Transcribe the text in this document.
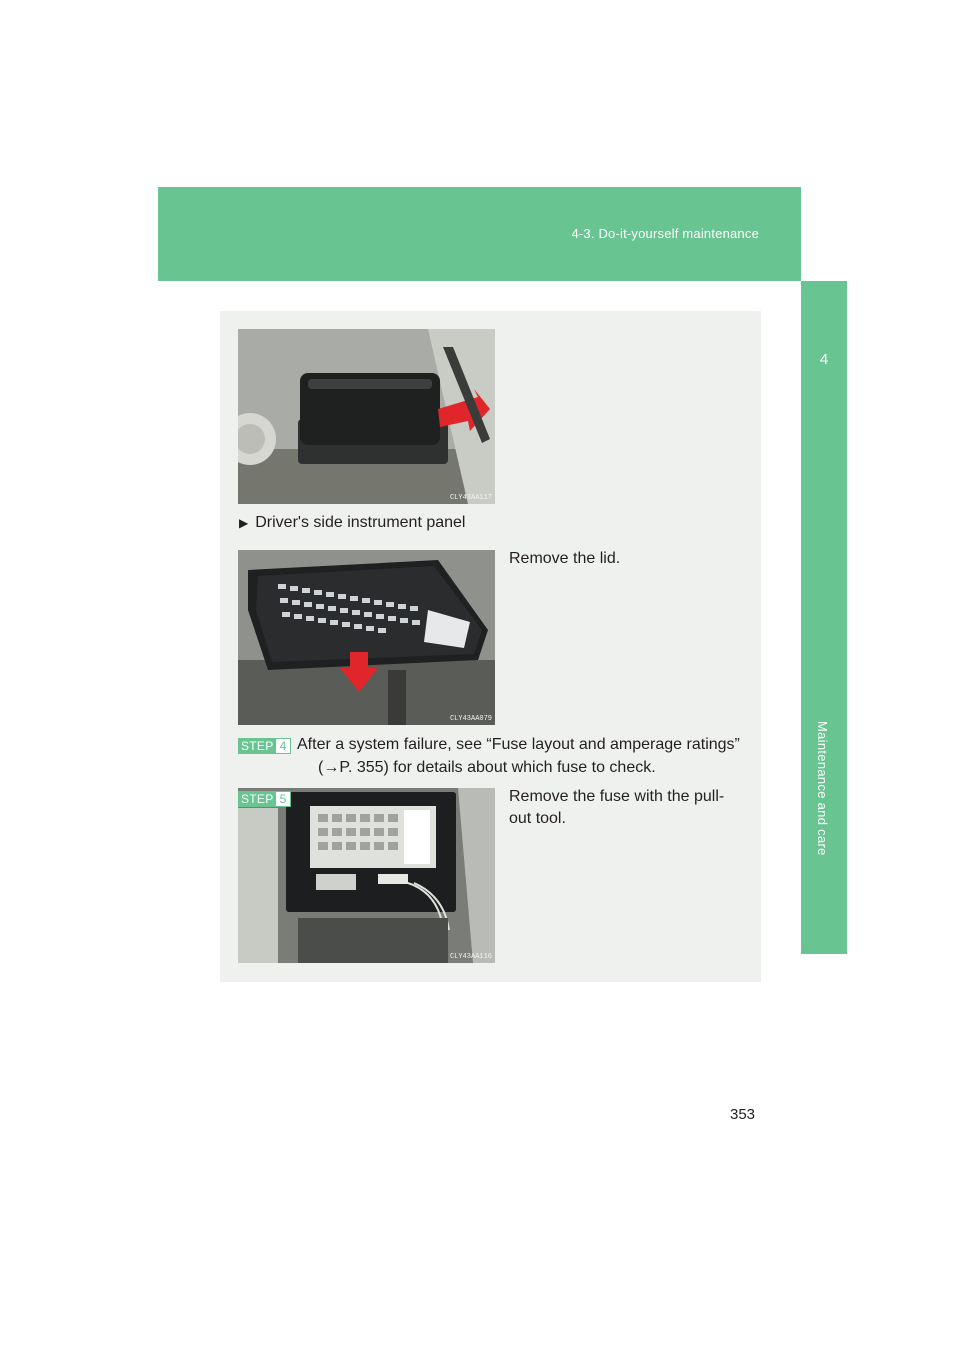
4-3. Do-it-yourself maintenance
4
Maintenance and care
CLY43AA117
▶ Driver's side instrument panel
CLY43AA079
Remove the lid.
STEP 4 After a system failure, see “Fuse layout and amperage ratings”
(→P. 355) for details about which fuse to check.
CLY43AA116
STEP 5	Remove the fuse with the pull-
out tool.
353
